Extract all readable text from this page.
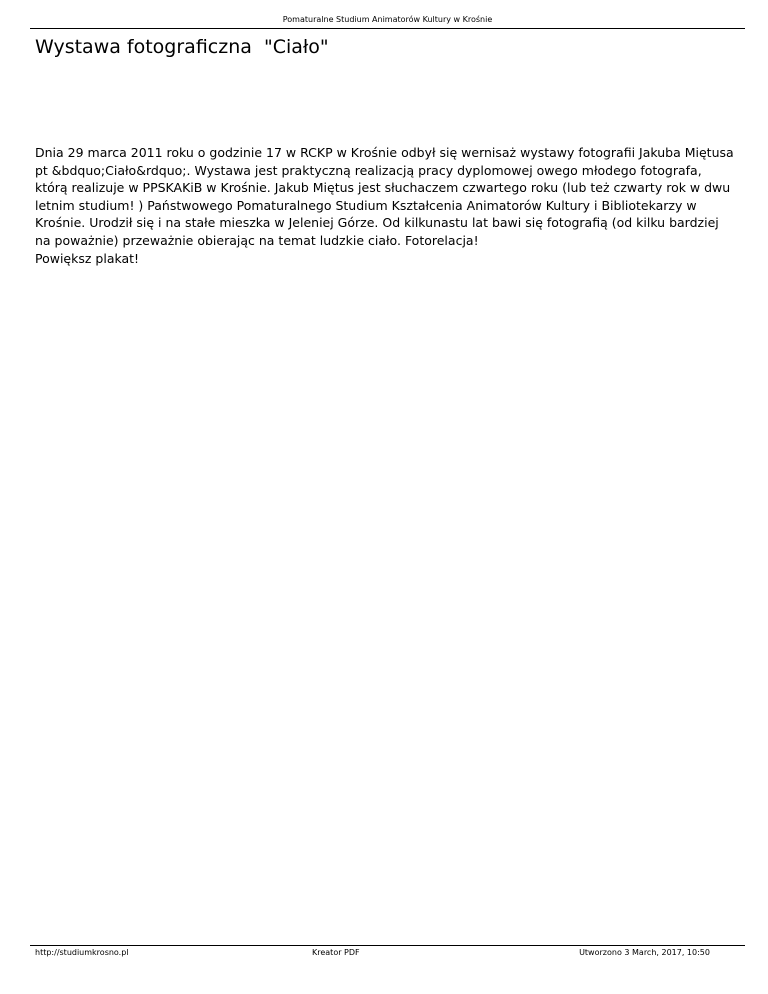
Pomaturalne Studium Animatorów Kultury w Krośnie
Wystawa fotograficzna  "Ciało"

Dnia 29 marca 2011 roku o godzinie 17 w RCKP w Krośnie odbył się wernisaż wystawy fotografii Jakuba Miętusa pt &bdquo;Ciało&rdquo;. Wystawa jest praktyczną realizacją pracy dyplomowej owego młodego fotografa, którą realizuje w PPSKAKiB w Krośnie. Jakub Miętus jest słuchaczem czwartego roku (lub też czwarty rok w dwu letnim studium! ) Państwowego Pomaturalnego Studium Kształcenia Animatorów Kultury i Bibliotekarzy w Krośnie. Urodził się i na stałe mieszka w Jeleniej Górze. Od kilkunastu lat bawi się fotografią (od kilku bardziej na poważnie) przeważnie obierając na temat ludzkie ciało. Fotorelacja!
Powiększ plakat!

http://studiumkrosno.pl	Kreator PDF	Utworzono 3 March, 2017, 10:50
